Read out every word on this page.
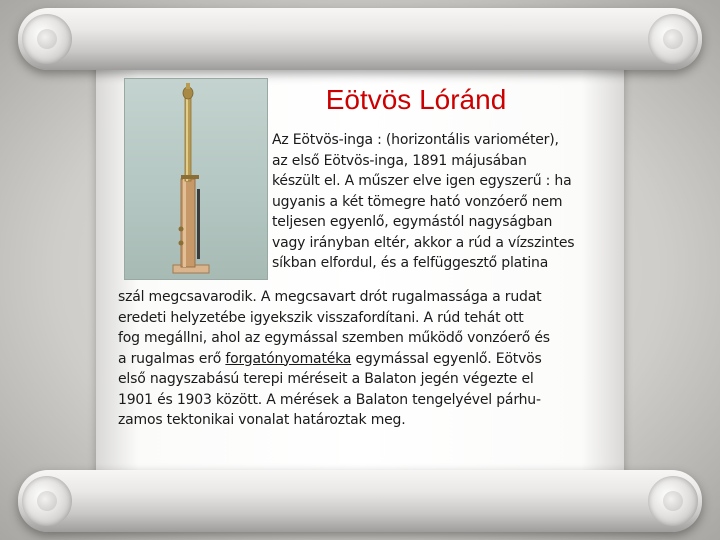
Eötvös Lóránd

Az Eötvös-inga : (horizontális variométer),
az első Eötvös-inga, 1891 májusában
készült el. A műszer elve igen egyszerű : ha
ugyanis a két tömegre ható vonzóerő nem
teljesen egyenlő, egymástól nagyságban
vagy irányban eltér, akkor a rúd a vízszintes
síkban elfordul, és a felfüggesztő platina

szál megcsavarodik. A megcsavart drót rugalmassága a rudat
eredeti helyzetébe igyekszik visszafordítani. A rúd tehát ott
fog megállni, ahol az egymással szemben működő vonzóerő és
a rugalmas erő forgatónyomatéka egymással egyenlő. Eötvös
első nagyszabású terepi méréseit a Balaton jegén végezte el
1901 és 1903 között. A mérések a Balaton tengelyével párhu-
zamos tektonikai vonalat határoztak meg.
